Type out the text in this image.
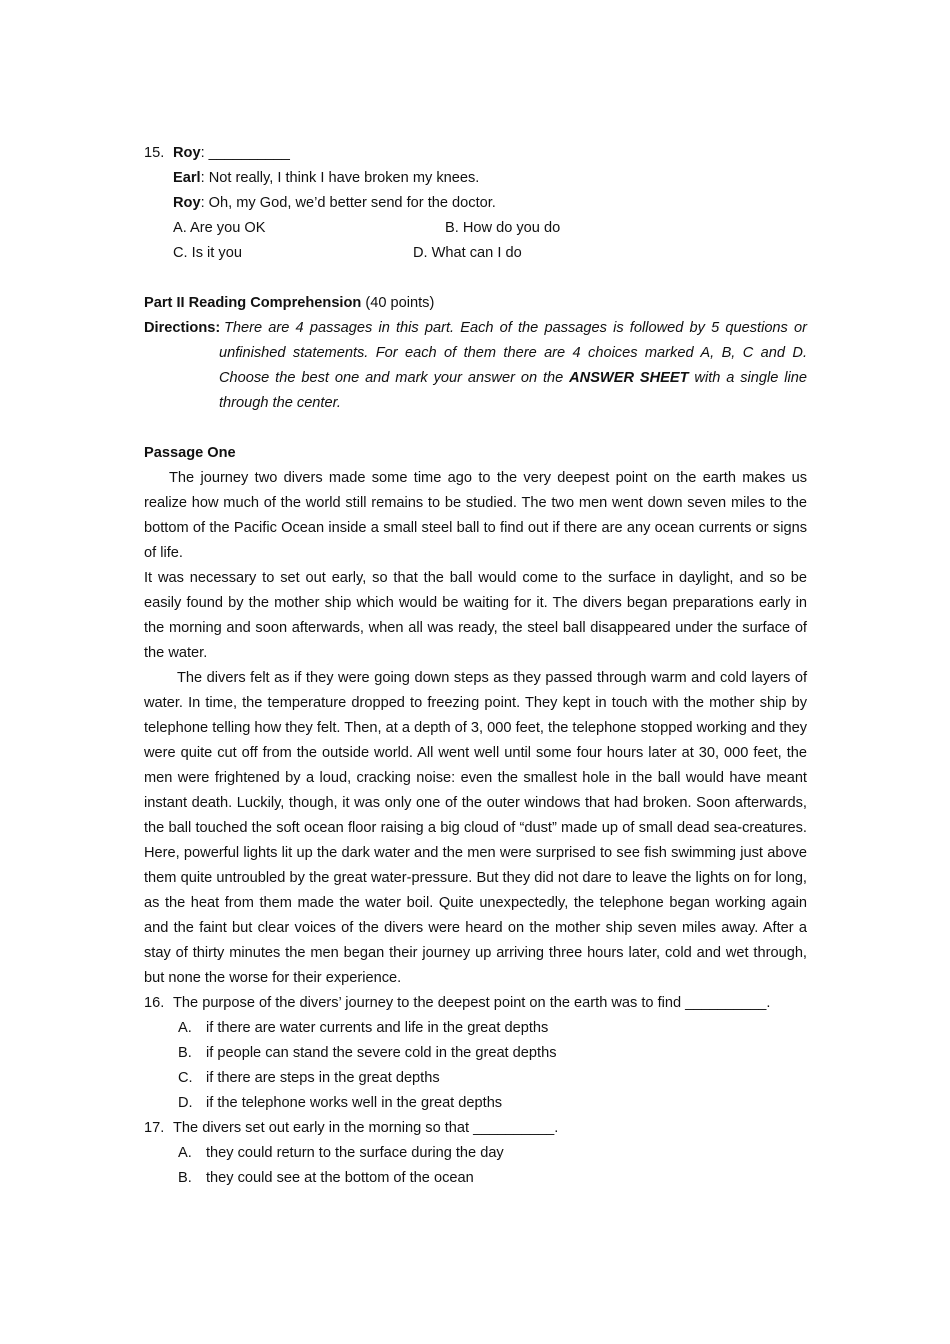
15. Roy: __________
Earl: Not really, I think I have broken my knees.
Roy: Oh, my God, we’d better send for the doctor.
A. Are you OK	B. How do you do
C. Is it you	D. What can I do
Part II Reading Comprehension (40 points)
Directions: There are 4 passages in this part. Each of the passages is followed by 5 questions or unfinished statements. For each of them there are 4 choices marked A, B, C and D. Choose the best one and mark your answer on the ANSWER SHEET with a single line through the center.
Passage One

The journey two divers made some time ago to the very deepest point on the earth makes us realize how much of the world still remains to be studied. The two men went down seven miles to the bottom of the Pacific Ocean inside a small steel ball to find out if there are any ocean currents or signs of life.

It was necessary to set out early, so that the ball would come to the surface in daylight, and so be easily found by the mother ship which would be waiting for it. The divers began preparations early in the morning and soon afterwards, when all was ready, the steel ball disappeared under the surface of the water.

The divers felt as if they were going down steps as they passed through warm and cold layers of water. In time, the temperature dropped to freezing point. They kept in touch with the mother ship by telephone telling how they felt. Then, at a depth of 3, 000 feet, the telephone stopped working and they were quite cut off from the outside world. All went well until some four hours later at 30, 000 feet, the men were frightened by a loud, cracking noise: even the smallest hole in the ball would have meant instant death. Luckily, though, it was only one of the outer windows that had broken. Soon afterwards, the ball touched the soft ocean floor raising a big cloud of “dust” made up of small dead sea-creatures. Here, powerful lights lit up the dark water and the men were surprised to see fish swimming just above them quite untroubled by the great water-pressure. But they did not dare to leave the lights on for long, as the heat from them made the water boil. Quite unexpectedly, the telephone began working again and the faint but clear voices of the divers were heard on the mother ship seven miles away. After a stay of thirty minutes the men began their journey up arriving three hours later, cold and wet through, but none the worse for their experience.

16. The purpose of the divers’ journey to the deepest point on the earth was to find __________.
A. if there are water currents and life in the great depths
B. if people can stand the severe cold in the great depths
C. if there are steps in the great depths
D. if the telephone works well in the great depths
17. The divers set out early in the morning so that __________.
A. they could return to the surface during the day
B. they could see at the bottom of the ocean
